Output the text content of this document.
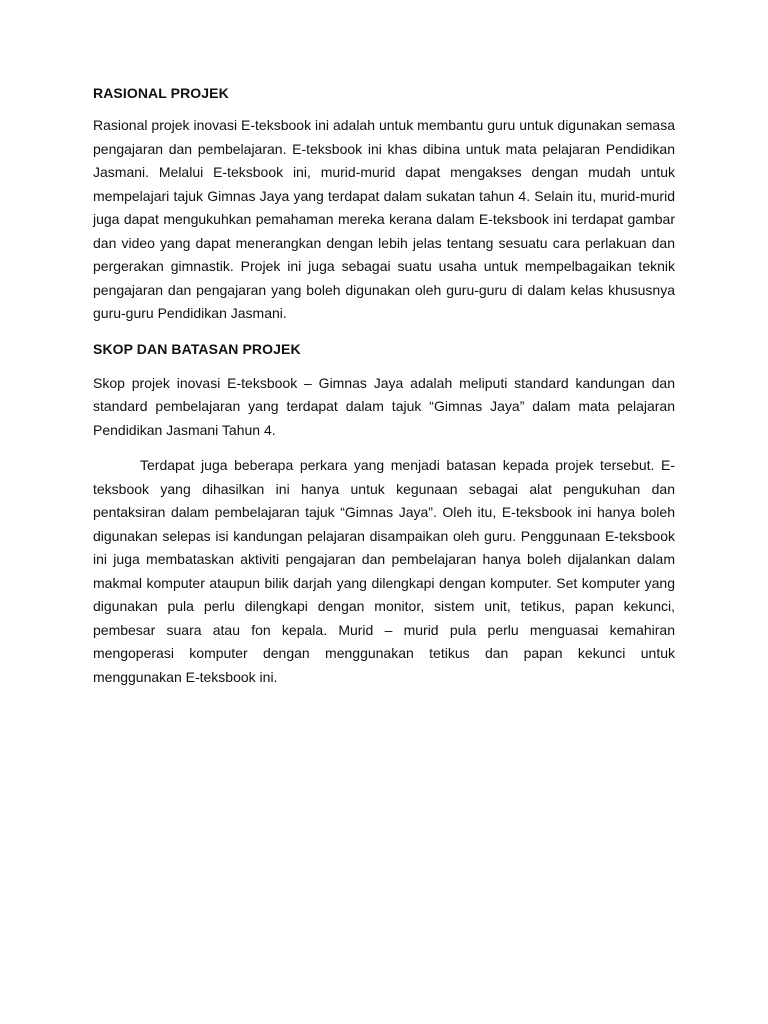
RASIONAL PROJEK

Rasional projek inovasi E-teksbook ini adalah untuk membantu guru untuk digunakan semasa pengajaran dan pembelajaran. E-teksbook ini khas dibina untuk mata pelajaran Pendidikan Jasmani. Melalui E-teksbook ini, murid-murid dapat mengakses dengan mudah untuk mempelajari tajuk Gimnas Jaya yang terdapat dalam sukatan tahun 4. Selain itu, murid-murid juga dapat mengukuhkan pemahaman mereka kerana dalam E-teksbook ini terdapat gambar dan video yang dapat menerangkan dengan lebih jelas tentang sesuatu cara perlakuan dan pergerakan gimnastik. Projek ini juga sebagai suatu usaha untuk mempelbagaikan teknik pengajaran dan pengajaran yang boleh digunakan oleh guru-guru di dalam kelas khususnya guru-guru Pendidikan Jasmani.

SKOP DAN BATASAN PROJEK

Skop projek inovasi E-teksbook – Gimnas Jaya adalah meliputi standard kandungan dan standard pembelajaran yang terdapat dalam tajuk “Gimnas Jaya” dalam mata pelajaran Pendidikan Jasmani Tahun 4.

Terdapat juga beberapa perkara yang menjadi batasan kepada projek tersebut. E-teksbook yang dihasilkan ini hanya untuk kegunaan sebagai alat pengukuhan dan pentaksiran dalam pembelajaran tajuk “Gimnas Jaya”. Oleh itu, E-teksbook ini hanya boleh digunakan selepas isi kandungan pelajaran disampaikan oleh guru. Penggunaan E-teksbook ini juga membataskan aktiviti pengajaran dan pembelajaran hanya boleh dijalankan dalam makmal komputer ataupun bilik darjah yang dilengkapi dengan komputer. Set komputer yang digunakan pula perlu dilengkapi dengan monitor, sistem unit, tetikus, papan kekunci, pembesar suara atau fon kepala. Murid – murid pula perlu menguasai kemahiran mengoperasi komputer dengan menggunakan tetikus dan papan kekunci untuk menggunakan E-teksbook ini.
